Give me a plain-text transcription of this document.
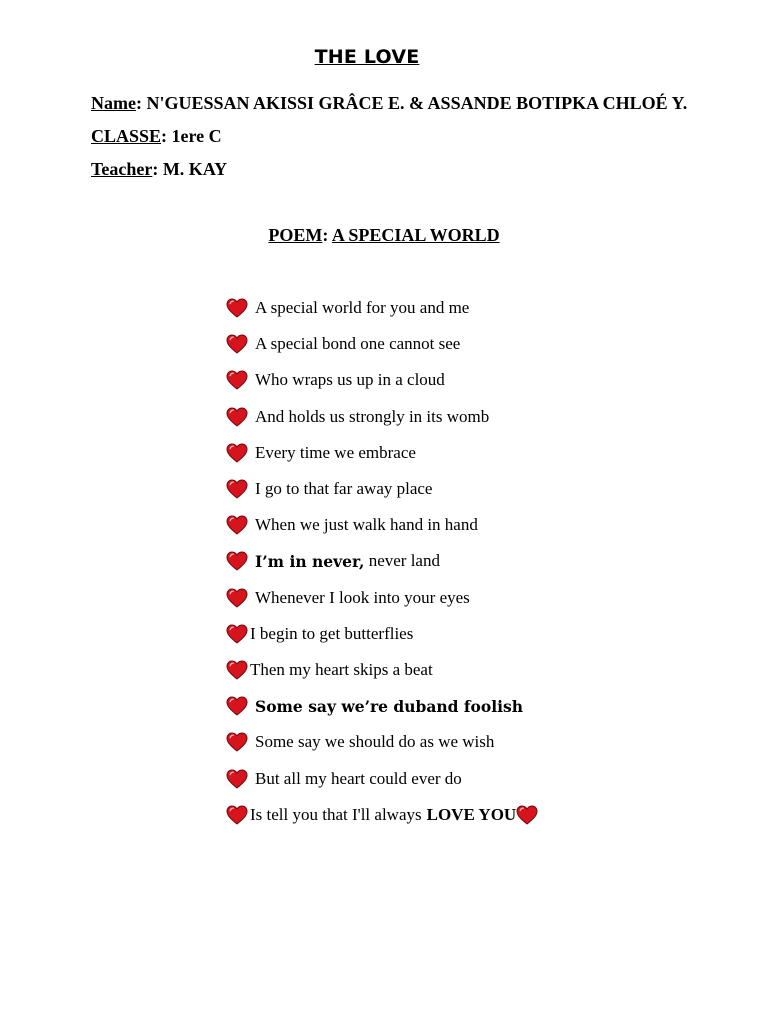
THE LOVE
Name: N'GUESSAN AKISSI GRÂCE E. & ASSANDE BOTIPKA CHLOÉ Y.
CLASSE: 1ere C
Teacher: M. KAY
POEM: A SPECIAL WORLD
A special world for you and me
A special bond one cannot see
Who wraps us up in a cloud
And holds us strongly in its womb
Every time we embrace
I go to that far away place
When we just walk hand in hand
I’m in never, never land
Whenever I look into your eyes
I begin to get butterflies
Then my heart skips a beat
Some say we’re duband foolish
Some say we should do as we wish
But all my heart could ever do
Is tell you that I'll always LOVE YOU
